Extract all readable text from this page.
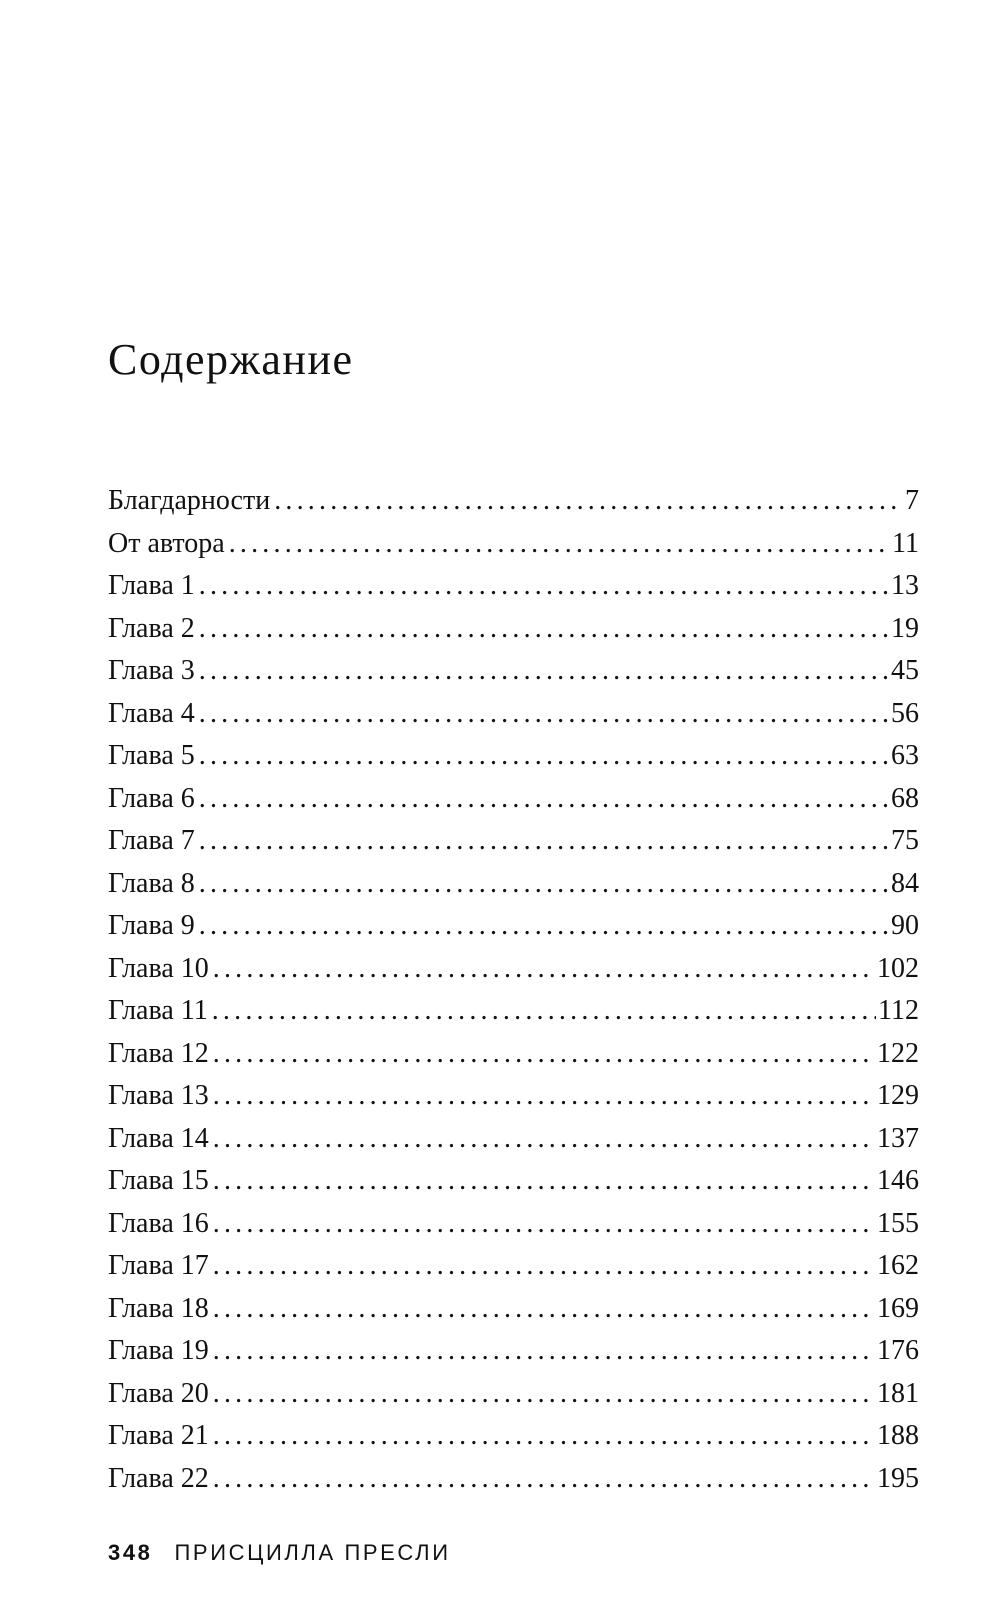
Содержание
Благдарности .....	7
От автора .....	11
Глава 1 .....	13
Глава 2 .....	19
Глава 3 .....	45
Глава 4 .....	56
Глава 5 .....	63
Глава 6 .....	68
Глава 7 .....	75
Глава 8 .....	84
Глава 9 .....	90
Глава 10 .....	102
Глава 11 .....	112
Глава 12 .....	122
Глава 13 .....	129
Глава 14 .....	137
Глава 15 .....	146
Глава 16 .....	155
Глава 17 .....	162
Глава 18 .....	169
Глава 19 .....	176
Глава 20 .....	181
Глава 21 .....	188
Глава 22 .....	195
348 ПРИСЦИЛЛА ПРЕСЛИ
